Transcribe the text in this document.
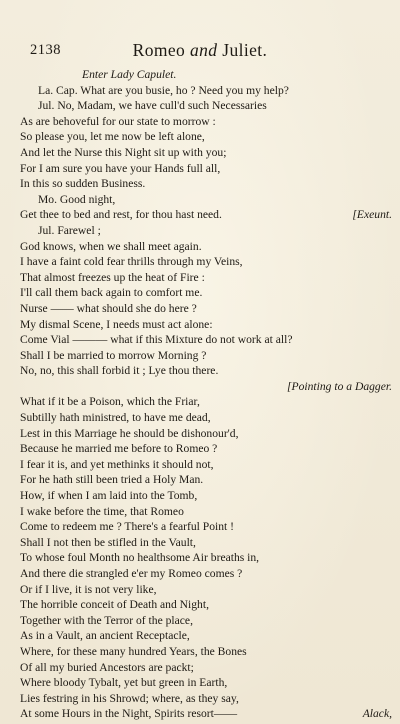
2138	Romeo and Juliet.
Enter Lady Capulet.
La. Cap. What are you busie, ho ? Need you my help?
Jul. No, Madam, we have cull'd such Necessaries
As are behoveful for our state to morrow :
So please you, let me now be left alone,
And let the Nurse this Night sit up with you;
For I am sure you have your Hands full all,
In this so sudden Business.
Mo. Good night,
Get thee to bed and rest, for thou hast need.	[Exeunt.
Jul. Farewel ;
God knows, when we shall meet again.
I have a faint cold fear thrills through my Veins,
That almost freezes up the heat of Fire :
I'll call them back again to comfort me.
Nurse —— what should she do here ?
My dismal Scene, I needs must act alone:
Come Vial ——— what if this Mixture do not work at all?
Shall I be married to morrow Morning ?
No, no, this shall forbid it ; Lye thou there.
[Pointing to a Dagger.
What if it be a Poison, which the Friar,
Subtilly hath ministred, to have me dead,
Lest in this Marriage he should be dishonour'd,
Because he married me before to Romeo ?
I fear it is, and yet methinks it should not,
For he hath still been tried a Holy Man.
How, if when I am laid into the Tomb,
I wake before the time, that Romeo
Come to redeem me ? There's a fearful Point !
Shall I not then be stifled in the Vault,
To whose foul Month no healthsome Air breaths in,
And there die strangled e'er my Romeo comes ?
Or if I live, it is not very like,
The horrible conceit of Death and Night,
Together with the Terror of the place,
As in a Vault, an ancient Receptacle,
Where, for these many hundred Years, the Bones
Of all my buried Ancestors are packt;
Where bloody Tybalt, yet but green in Earth,
Lies festring in his Shrowd; where, as they say,
At some Hours in the Night, Spirits resort——	Alack,
